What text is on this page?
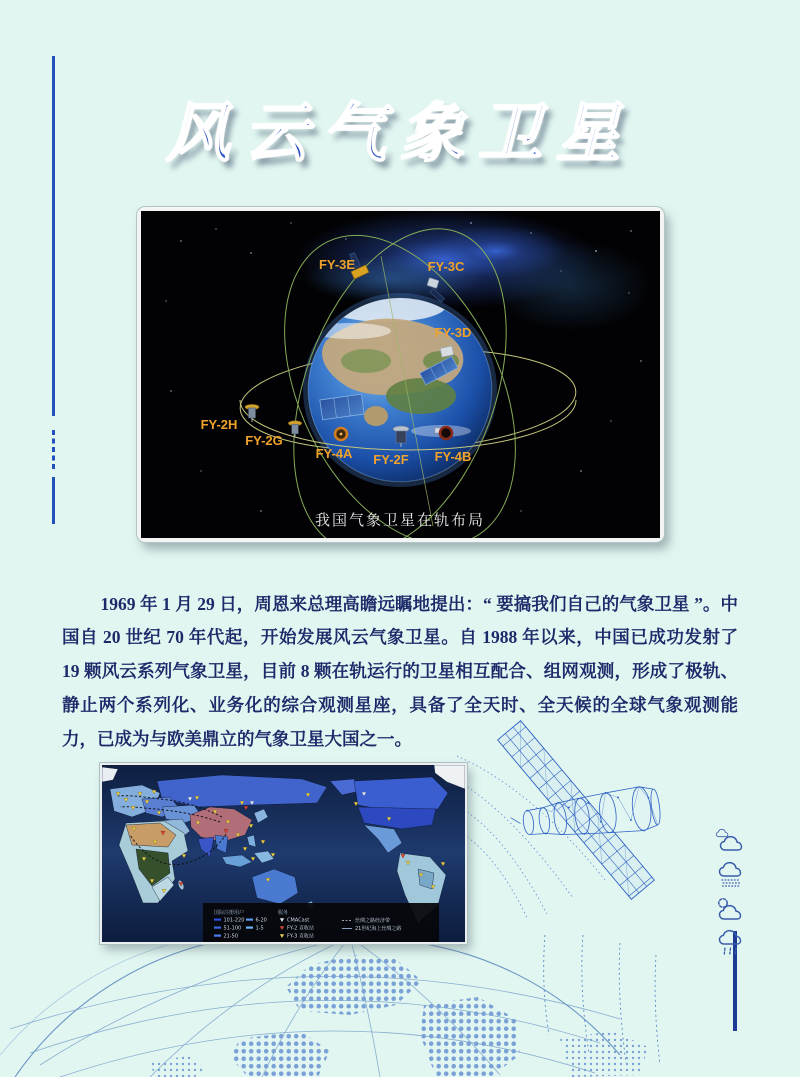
风云气象卫星
FY-3E	FY-3C
FY-3D
FY-2H
FY-2G
FY-4A FY-2F FY-4B
我国气象卫星在轨布局

1969 年 1 月 29 日，周恩来总理高瞻远瞩地提出：“ 要搞我们自己的气象卫星 ”。中国自 20 世纪 70 年代起，开始发展风云气象卫星。自 1988 年以来，中国已成功发射了 19 颗风云系列气象卫星，目前 8 颗在轨运行的卫星相互配合、组网观测，形成了极轨、静止两个系列化、业务化的综合观测星座，具备了全天时、全天候的全球气象观测能力，已成为与欧美鼎立的气象卫星大国之一。

国际注册用户
101-220
51-100
21-50
6-20
1-5
服务
CMACast
FY-2 直收站
FY-3 直收站
丝绸之路经济带
21世纪海上丝绸之路
